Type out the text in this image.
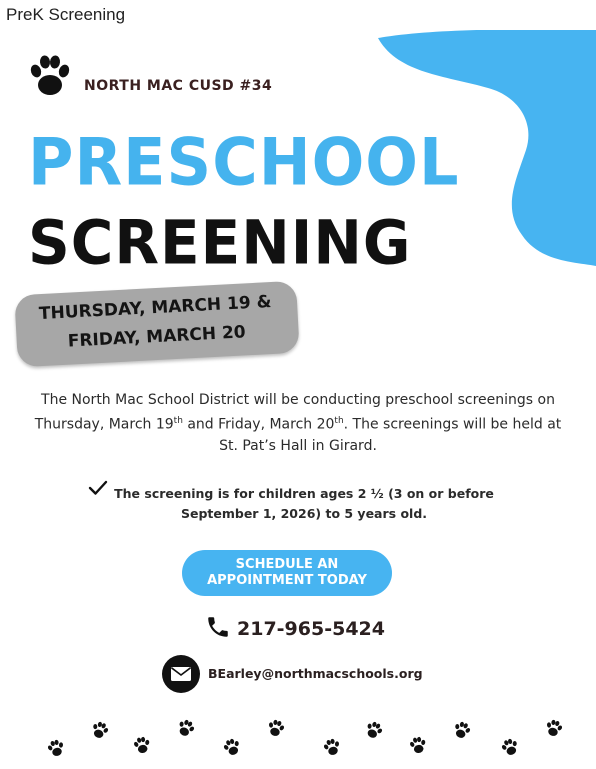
PreK Screening
NORTH MAC CUSD #34
PRESCHOOL
SCREENING
THURSDAY, MARCH 19 &
FRIDAY, MARCH 20
The North Mac School District will be conducting preschool screenings on Thursday, March 19th and Friday, March 20th. The screenings will be held at St. Pat’s Hall in Girard.
The screening is for children ages 2 ½ (3 on or before September 1, 2026) to 5 years old.
SCHEDULE AN
APPOINTMENT TODAY
217-965-5424
BEarley@northmacschools.org
